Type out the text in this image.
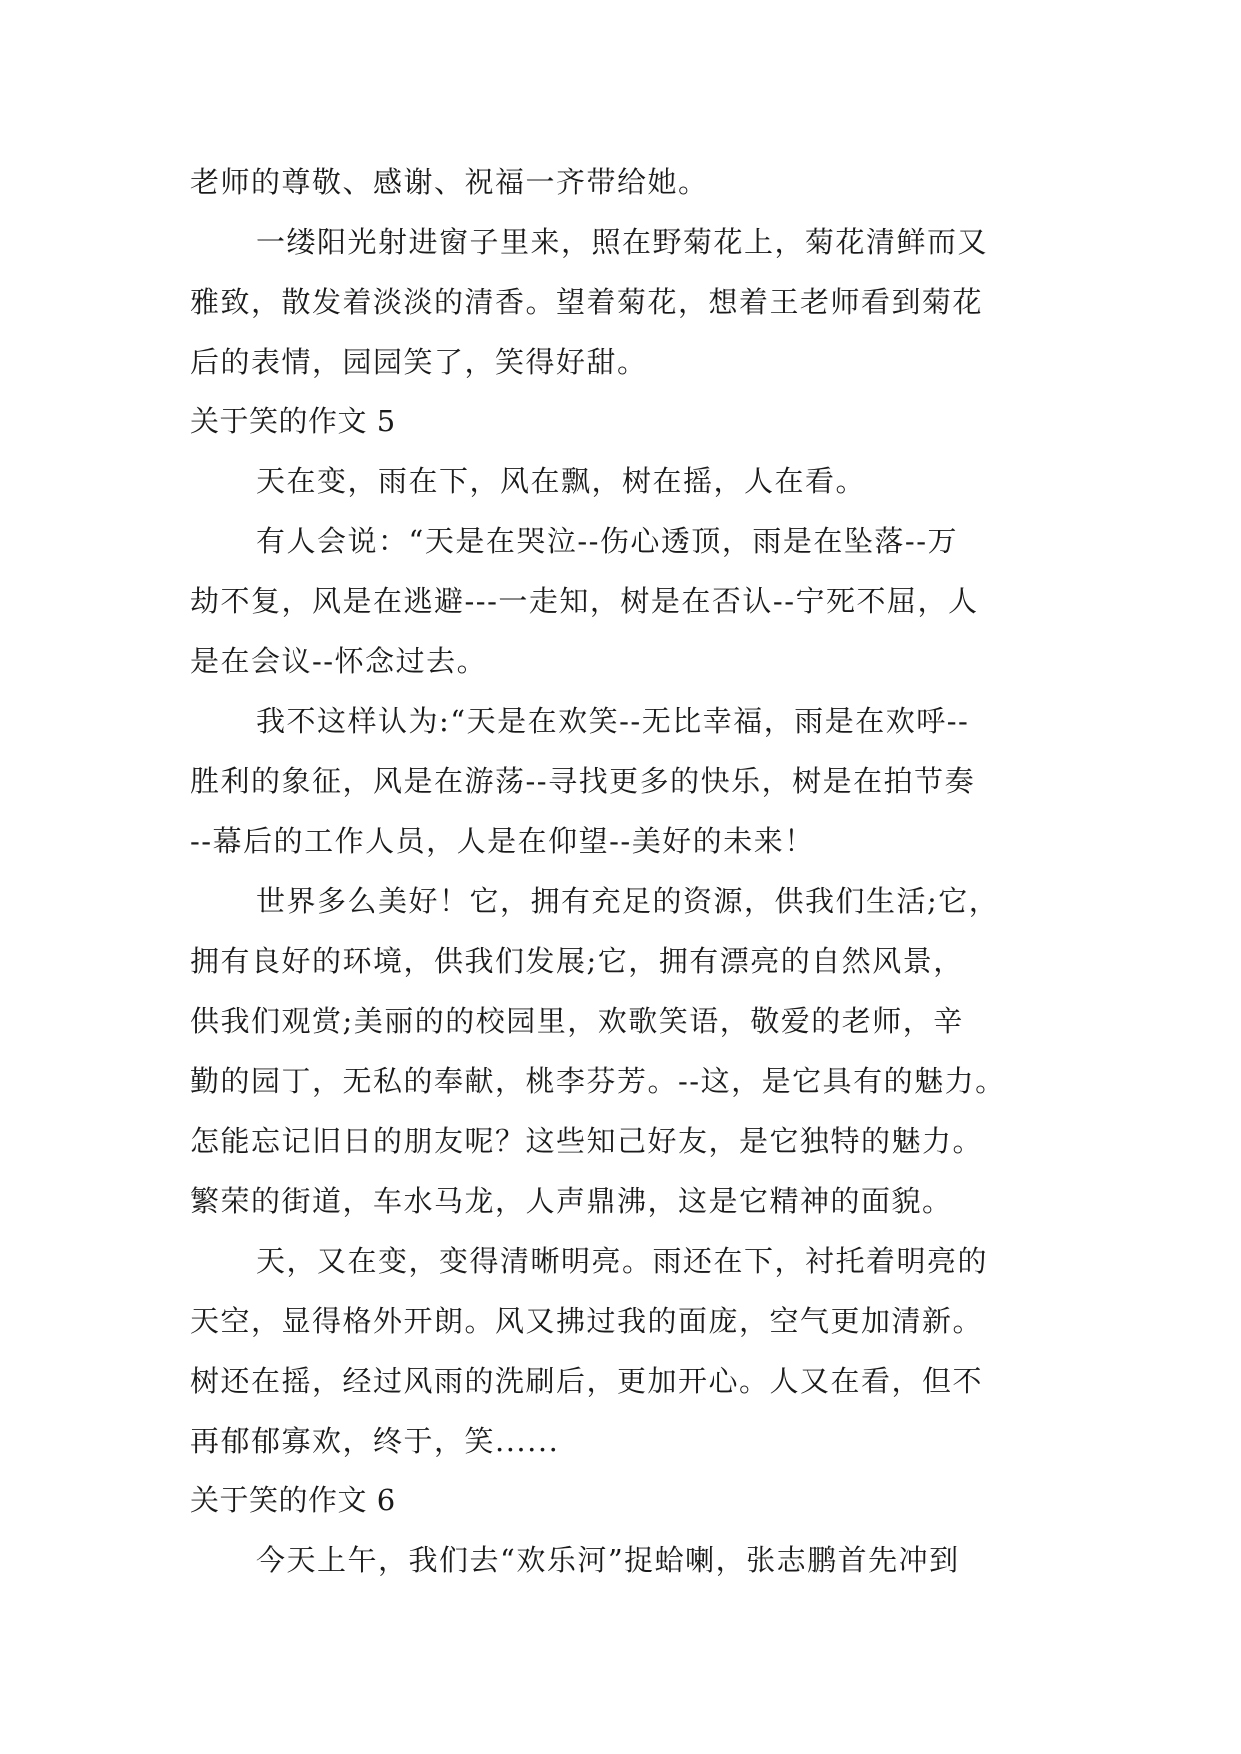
老师的尊敬、感谢、祝福一齐带给她。
一缕阳光射进窗子里来，照在野菊花上，菊花清鲜而又
雅致，散发着淡淡的清香。望着菊花，想着王老师看到菊花
后的表情，园园笑了，笑得好甜。
关于笑的作文 5
天在变，雨在下，风在飘，树在摇，人在看。
有人会说：“天是在哭泣--伤心透顶，雨是在坠落--万
劫不复，风是在逃避---一走知，树是在否认--宁死不屈，人
是在会议--怀念过去。
我不这样认为:“天是在欢笑--无比幸福，雨是在欢呼--
胜利的象征，风是在游荡--寻找更多的快乐，树是在拍节奏
--幕后的工作人员，人是在仰望--美好的未来！
世界多么美好！它，拥有充足的资源，供我们生活;它，
拥有良好的环境，供我们发展;它，拥有漂亮的自然风景，
供我们观赏;美丽的的校园里，欢歌笑语，敬爱的老师，辛
勤的园丁，无私的奉献，桃李芬芳。--这，是它具有的魅力。
怎能忘记旧日的朋友呢？这些知己好友，是它独特的魅力。
繁荣的街道，车水马龙，人声鼎沸，这是它精神的面貌。
天，又在变，变得清晰明亮。雨还在下，衬托着明亮的
天空，显得格外开朗。风又拂过我的面庞，空气更加清新。
树还在摇，经过风雨的洗刷后，更加开心。人又在看，但不
再郁郁寡欢，终于，笑......
关于笑的作文 6
今天上午，我们去“欢乐河”捉蛤喇，张志鹏首先冲到
